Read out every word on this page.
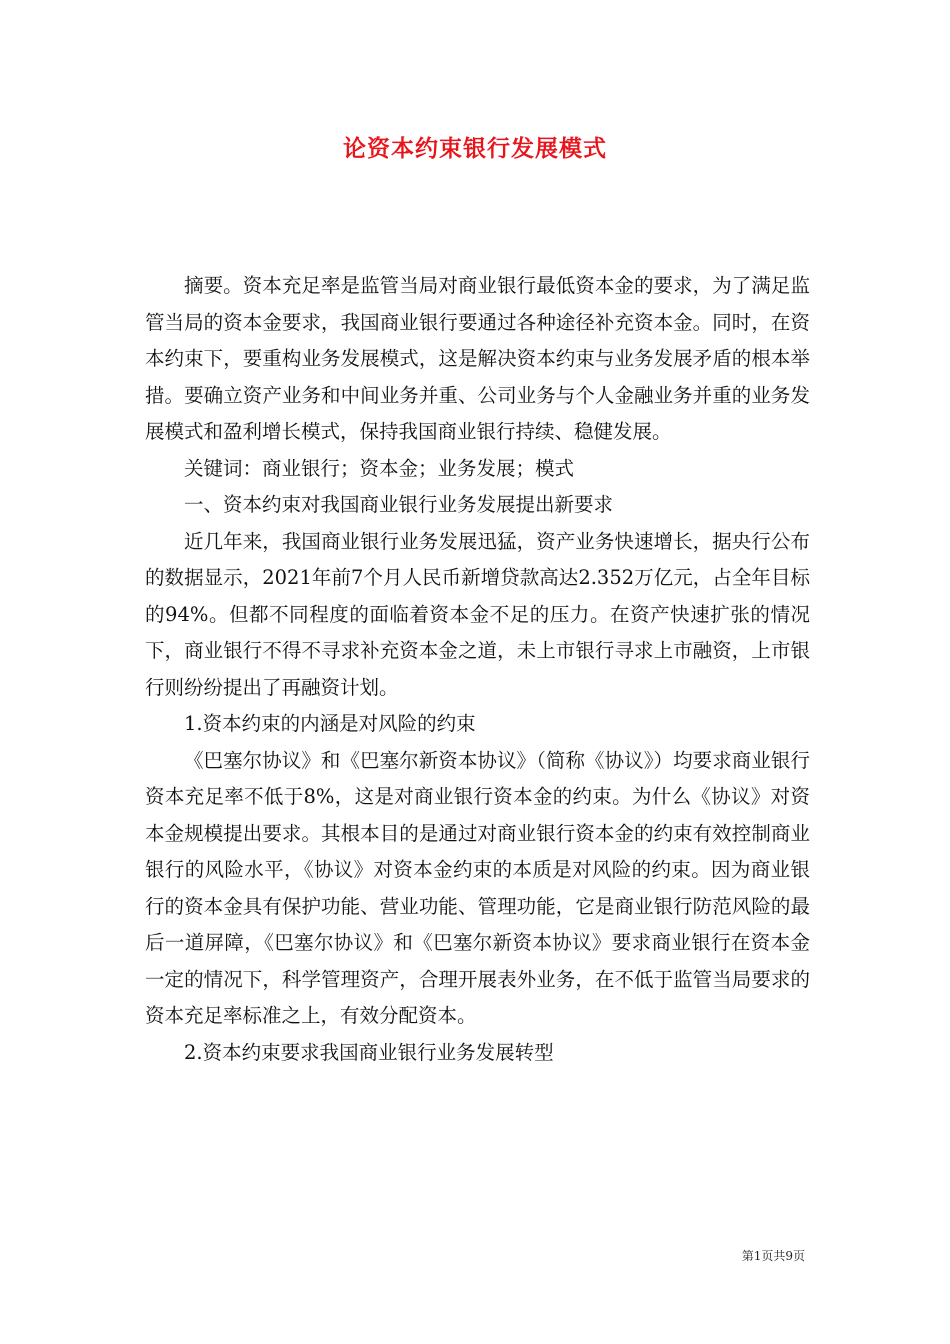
论资本约束银行发展模式

摘要。资本充足率是监管当局对商业银行最低资本金的要求，为了满足监管当局的资本金要求，我国商业银行要通过各种途径补充资本金。同时，在资本约束下，要重构业务发展模式，这是解决资本约束与业务发展矛盾的根本举措。要确立资产业务和中间业务并重、公司业务与个人金融业务并重的业务发展模式和盈利增长模式，保持我国商业银行持续、稳健发展。

关键词：商业银行；资本金；业务发展；模式

一、资本约束对我国商业银行业务发展提出新要求

近几年来，我国商业银行业务发展迅猛，资产业务快速增长，据央行公布的数据显示，2021年前7个月人民币新增贷款高达2.352万亿元，占全年目标的94%。但都不同程度的面临着资本金不足的压力。在资产快速扩张的情况下，商业银行不得不寻求补充资本金之道，未上市银行寻求上市融资，上市银行则纷纷提出了再融资计划。

1.资本约束的内涵是对风险的约束

《巴塞尔协议》和《巴塞尔新资本协议》（简称《协议》）均要求商业银行资本充足率不低于8%，这是对商业银行资本金的约束。为什么《协议》对资本金规模提出要求。其根本目的是通过对商业银行资本金的约束有效控制商业银行的风险水平，《协议》对资本金约束的本质是对风险的约束。因为商业银行的资本金具有保护功能、营业功能、管理功能，它是商业银行防范风险的最后一道屏障，《巴塞尔协议》和《巴塞尔新资本协议》要求商业银行在资本金一定的情况下，科学管理资产，合理开展表外业务，在不低于监管当局要求的资本充足率标准之上，有效分配资本。

2.资本约束要求我国商业银行业务发展转型

第1页共9页
